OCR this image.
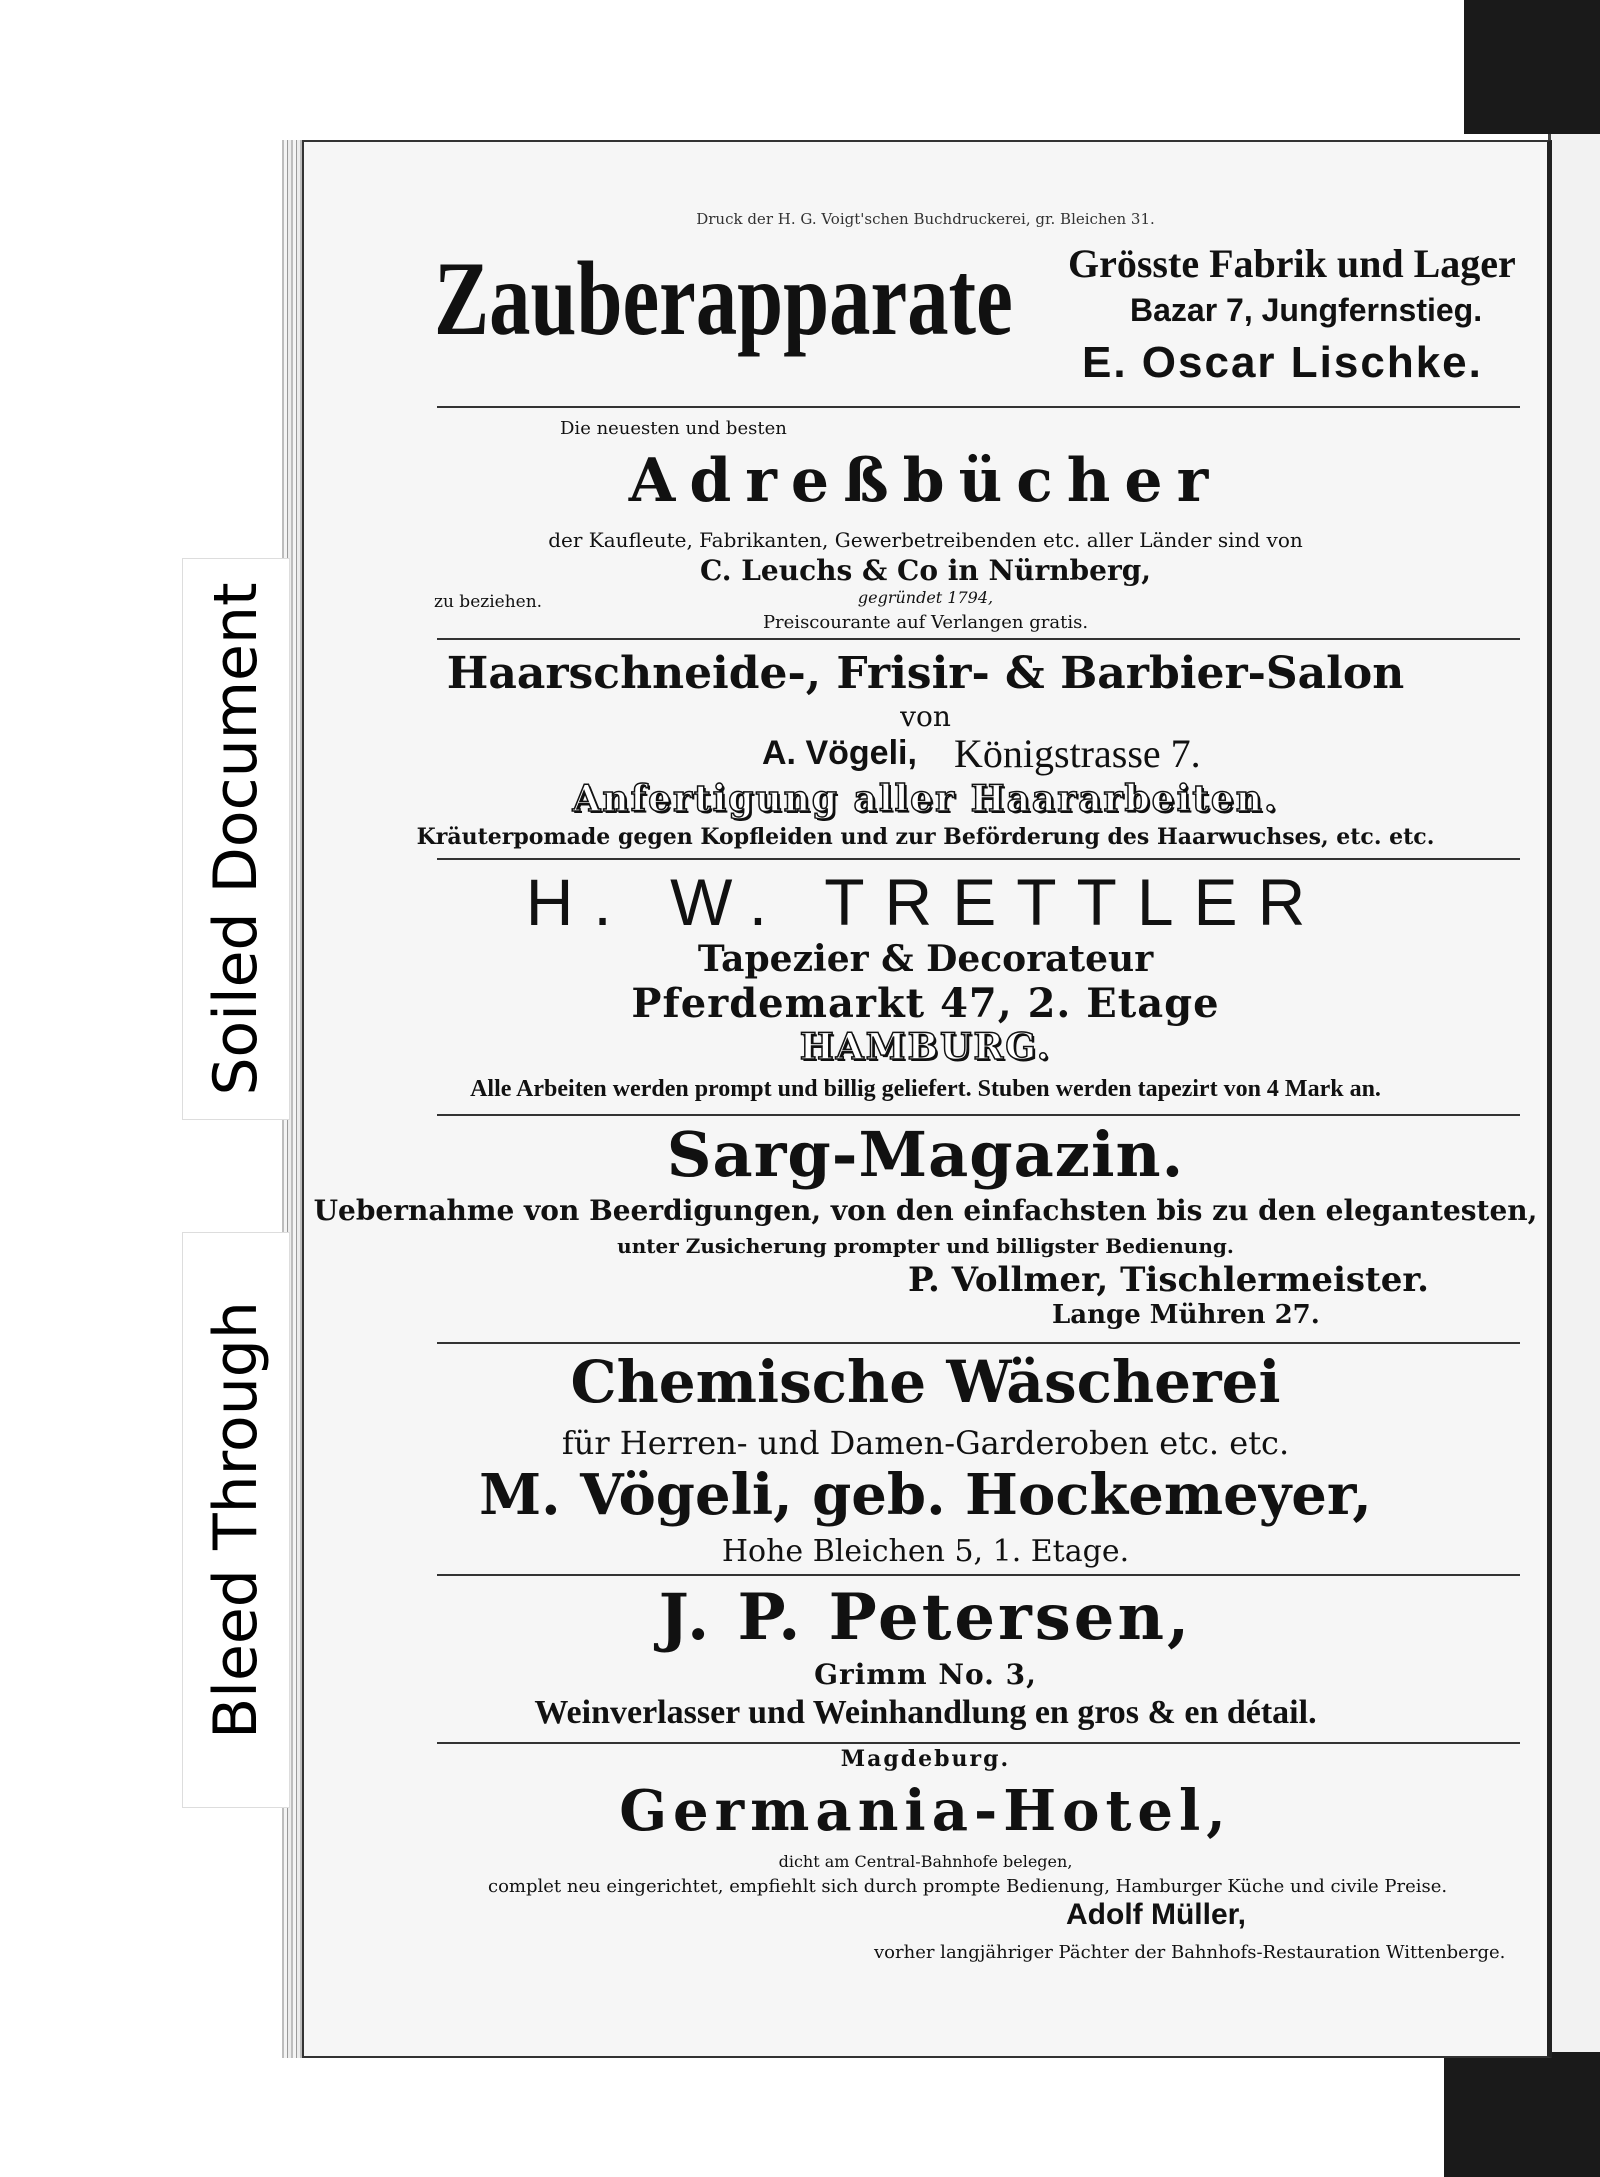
Druck der H. G. Voigt'schen Buchdruckerei, gr. Bleichen 31.
Zauberapparate Grösste Fabrik und Lager
Bazar 7, Jungfernstieg.
E. Oscar Lischke.
Die neuesten und besten
Adreßbücher
der Kaufleute, Fabrikanten, Gewerbetreibenden etc. aller Länder sind von
C. Leuchs & Co in Nürnberg,
gegründet 1794,
zu beziehen.
Preiscourante auf Verlangen gratis.
Haarschneide-, Frisir- & Barbier-Salon
von
A. Vögeli, Königstrasse 7.
Anfertigung aller Haararbeiten.
Kräuterpomade gegen Kopfleiden und zur Beförderung des Haarwuchses, etc. etc.
H. W. TRETTLER
Tapezier & Decorateur
Pferdemarkt 47, 2. Etage
HAMBURG.
Alle Arbeiten werden prompt und billig geliefert. Stuben werden tapezirt von 4 Mark an.
Sarg-Magazin.
Uebernahme von Beerdigungen, von den einfachsten bis zu den elegantesten,
unter Zusicherung prompter und billigster Bedienung.
P. Vollmer, Tischlermeister.
Lange Mühren 27.
Chemische Wäscherei
für Herren- und Damen-Garderoben etc. etc.
M. Vögeli, geb. Hockemeyer,
Hohe Bleichen 5, 1. Etage.
J. P. Petersen,
Grimm No. 3,
Weinverlasser und Weinhandlung en gros & en détail.
Magdeburg.
Germania-Hotel,
dicht am Central-Bahnhofe belegen,
complet neu eingerichtet, empfiehlt sich durch prompte Bedienung, Hamburger Küche und civile Preise.
Adolf Müller,
vorher langjähriger Pächter der Bahnhofs-Restauration Wittenberge.
Soiled Document
Bleed Through
